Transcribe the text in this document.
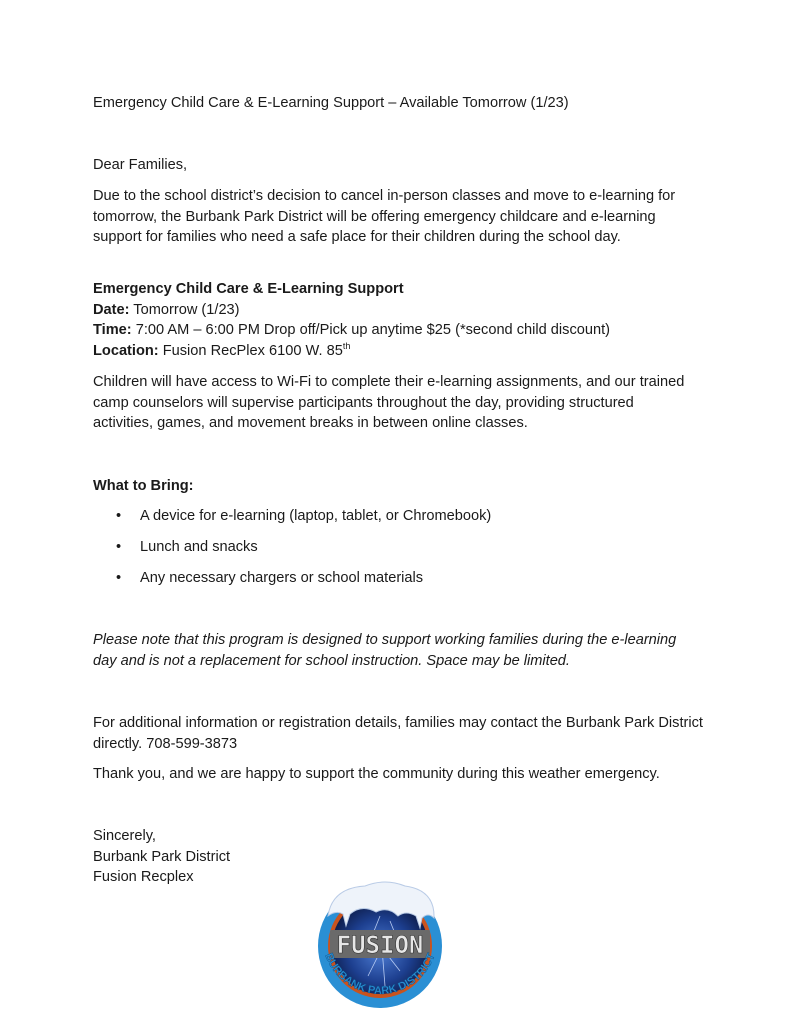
Emergency Child Care & E-Learning Support – Available Tomorrow (1/23)
Dear Families,
Due to the school district’s decision to cancel in-person classes and move to e-learning for tomorrow, the Burbank Park District will be offering emergency childcare and e-learning support for families who need a safe place for their children during the school day.
Emergency Child Care & E-Learning Support
Date: Tomorrow (1/23)
Time: 7:00 AM – 6:00 PM Drop off/Pick up anytime $25 (*second child discount)
Location: Fusion RecPlex 6100 W. 85th
Children will have access to Wi-Fi to complete their e-learning assignments, and our trained camp counselors will supervise participants throughout the day, providing structured activities, games, and movement breaks in between online classes.
What to Bring:
• A device for e-learning (laptop, tablet, or Chromebook)
• Lunch and snacks
• Any necessary chargers or school materials
Please note that this program is designed to support working families during the e-learning day and is not a replacement for school instruction. Space may be limited.
For additional information or registration details, families may contact the Burbank Park District directly. 708-599-3873
Thank you, and we are happy to support the community during this weather emergency.
Sincerely,
Burbank Park District
Fusion Recplex
FUSION
BURBANK PARK DISTRICT
